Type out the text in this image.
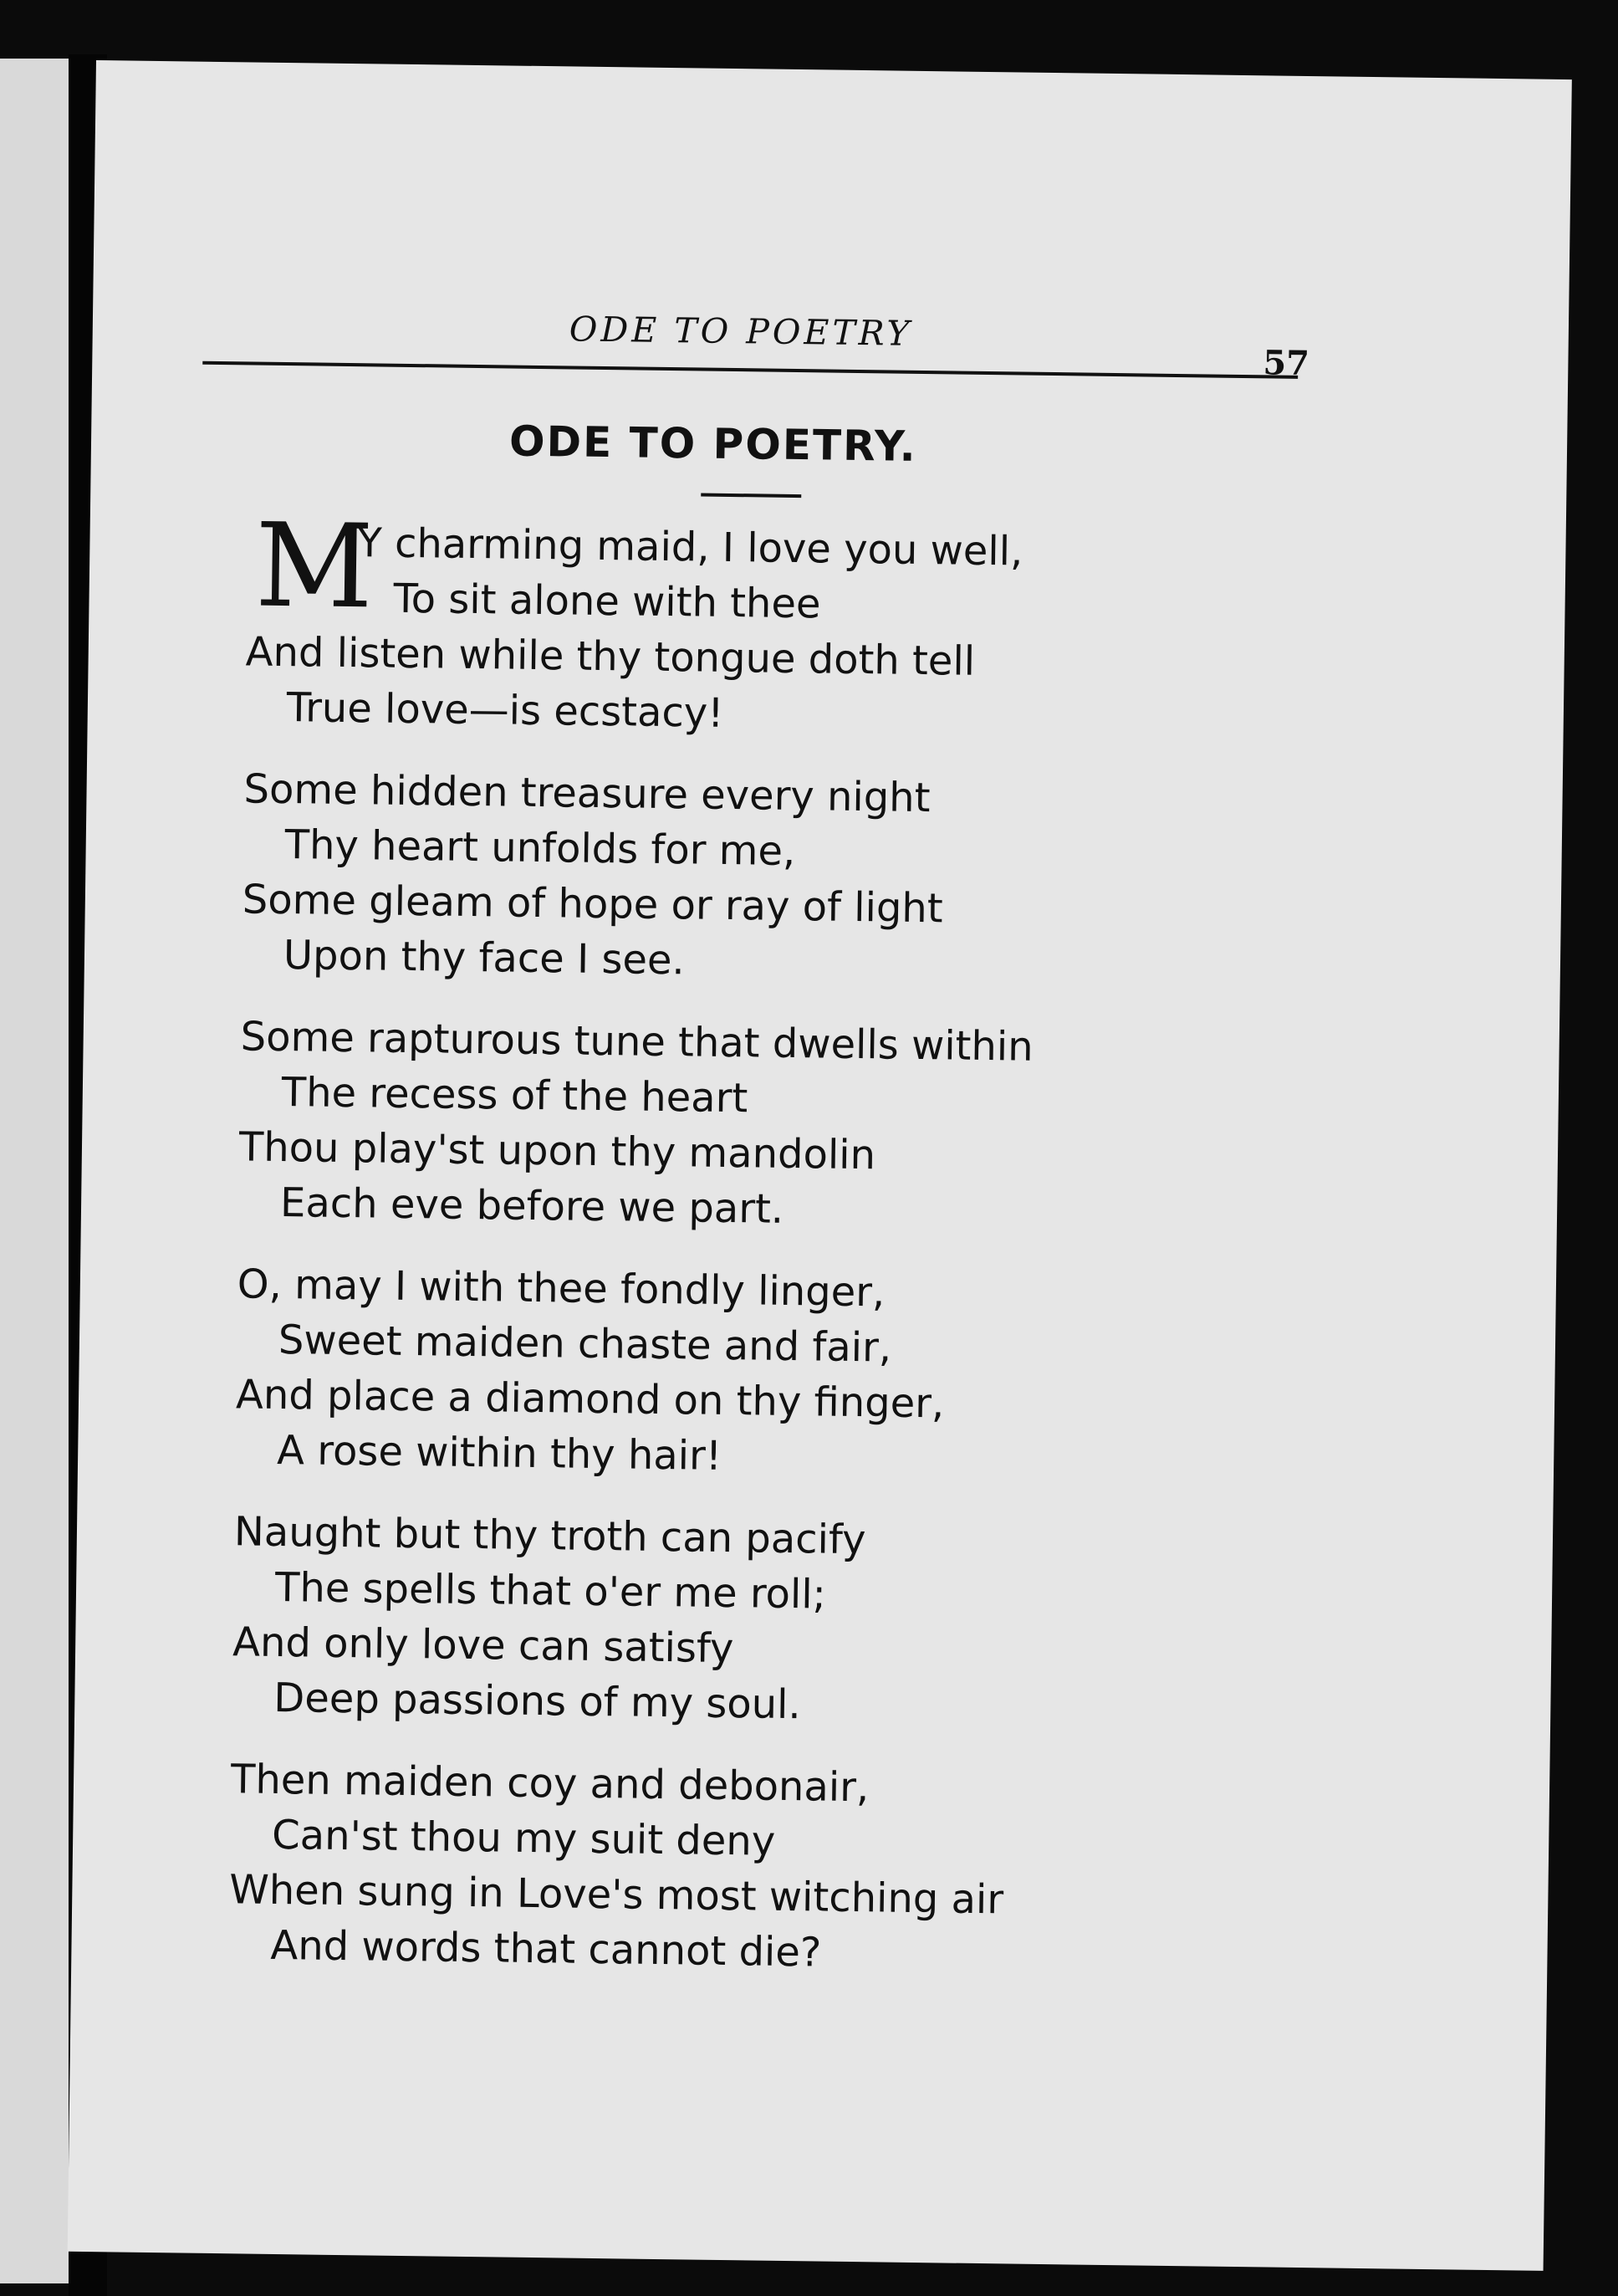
ODE TO POETRY
57
ODE TO POETRY.
M
Y charming maid, I love you well,
To sit alone with thee
And listen while thy tongue doth tell
True love—is ecstacy!
Some hidden treasure every night
Thy heart unfolds for me,
Some gleam of hope or ray of light
Upon thy face I see.
Some rapturous tune that dwells within
The recess of the heart
Thou play'st upon thy mandolin
Each eve before we part.
O, may I with thee fondly linger,
Sweet maiden chaste and fair,
And place a diamond on thy finger,
A rose within thy hair!
Naught but thy troth can pacify
The spells that o'er me roll;
And only love can satisfy
Deep passions of my soul.
Then maiden coy and debonair,
Can'st thou my suit deny
When sung in Love's most witching air
And words that cannot die?
